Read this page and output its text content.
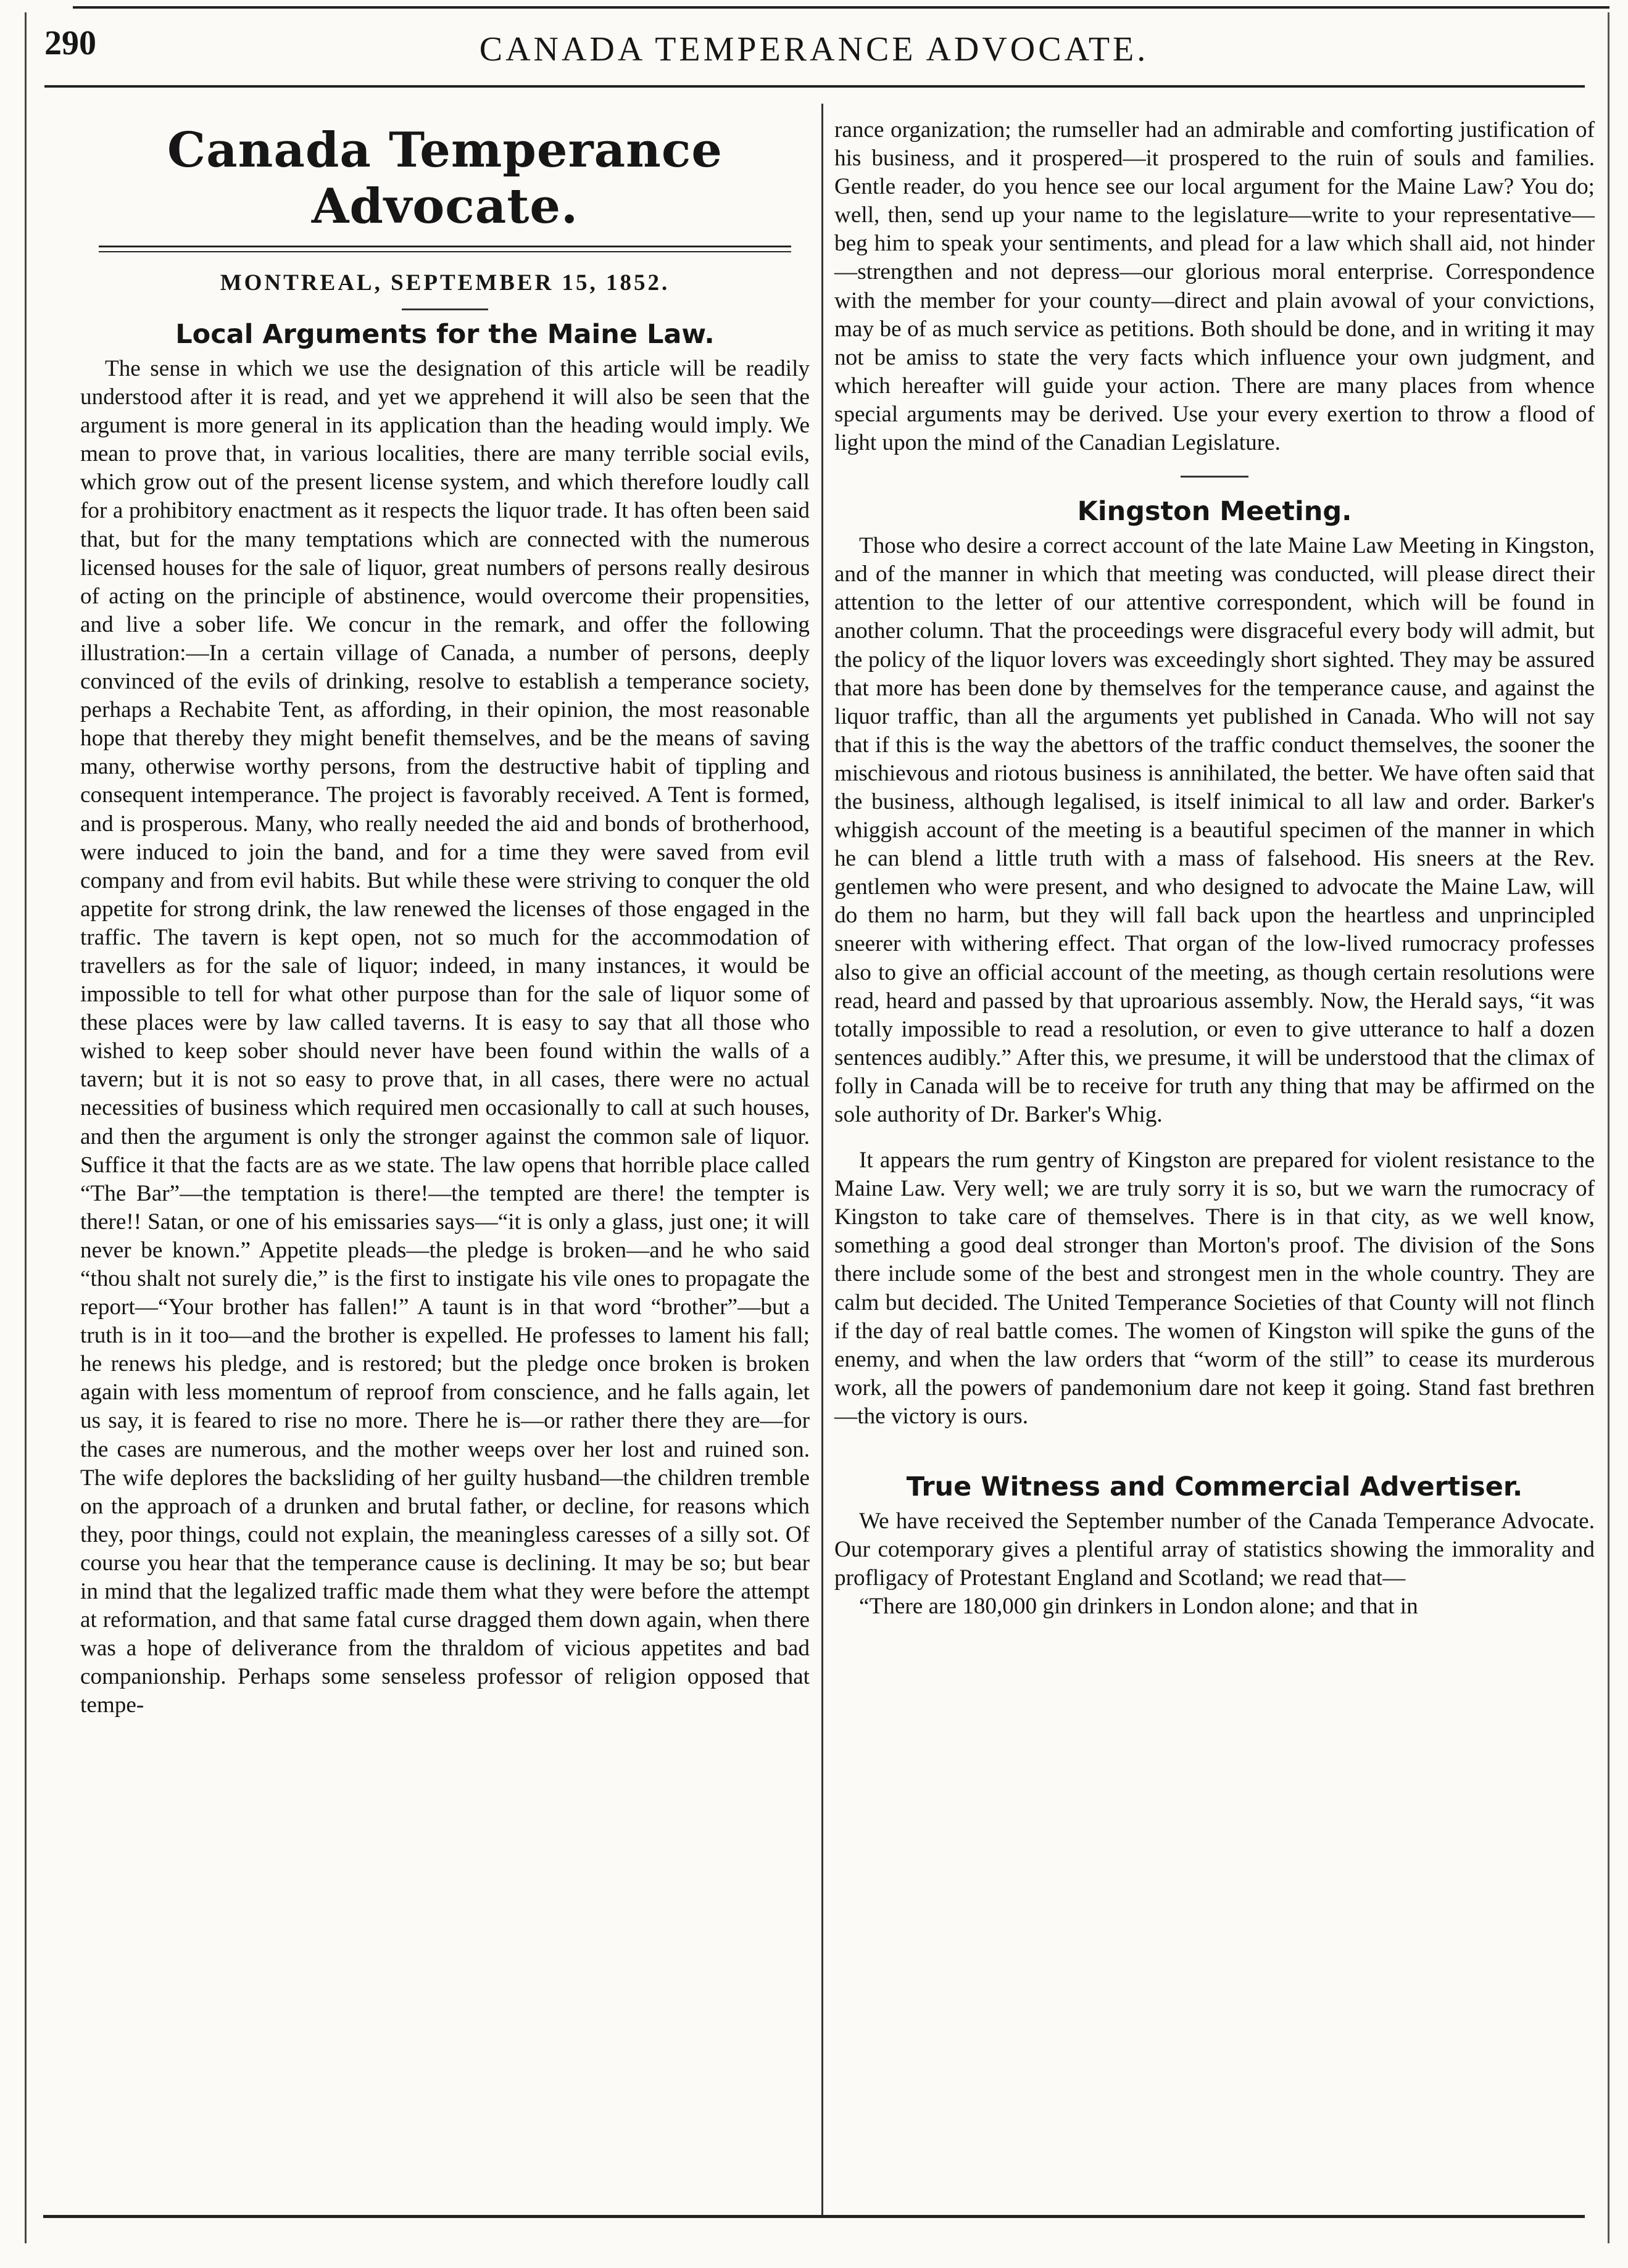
290	CANADA TEMPERANCE ADVOCATE.
Canada Temperance Advocate.
MONTREAL, SEPTEMBER 15, 1852.
Local Arguments for the Maine Law.

The sense in which we use the designation of this article will be readily understood after it is read, and yet we apprehend it will also be seen that the argument is more general in its application than the heading would imply. We mean to prove that, in various localities, there are many terrible social evils, which grow out of the present license system, and which therefore loudly call for a prohibitory enactment as it respects the liquor trade. It has often been said that, but for the many temptations which are connected with the numerous licensed houses for the sale of liquor, great numbers of persons really desirous of acting on the principle of abstinence, would overcome their propensities, and live a sober life. We concur in the remark, and offer the following illustration:—In a certain village of Canada, a number of persons, deeply convinced of the evils of drinking, resolve to establish a temperance society, perhaps a Rechabite Tent, as affording, in their opinion, the most reasonable hope that thereby they might benefit themselves, and be the means of saving many, otherwise worthy persons, from the destructive habit of tippling and consequent intemperance. The project is favorably received. A Tent is formed, and is prosperous. Many, who really needed the aid and bonds of brotherhood, were induced to join the band, and for a time they were saved from evil company and from evil habits. But while these were striving to conquer the old appetite for strong drink, the law renewed the licenses of those engaged in the traffic. The tavern is kept open, not so much for the accommodation of travellers as for the sale of liquor; indeed, in many instances, it would be impossible to tell for what other purpose than for the sale of liquor some of these places were by law called taverns. It is easy to say that all those who wished to keep sober should never have been found within the walls of a tavern; but it is not so easy to prove that, in all cases, there were no actual necessities of business which required men occasionally to call at such houses, and then the argument is only the stronger against the common sale of liquor. Suffice it that the facts are as we state. The law opens that horrible place called “The Bar”—the temptation is there!—the tempted are there! the tempter is there!! Satan, or one of his emissaries says—“it is only a glass, just one; it will never be known.” Appetite pleads—the pledge is broken—and he who said “thou shalt not surely die,” is the first to instigate his vile ones to propagate the report—“Your brother has fallen!” A taunt is in that word “brother”—but a truth is in it too—and the brother is expelled. He professes to lament his fall; he renews his pledge, and is restored; but the pledge once broken is broken again with less momentum of reproof from conscience, and he falls again, let us say, it is feared to rise no more. There he is—or rather there they are—for the cases are numerous, and the mother weeps over her lost and ruined son. The wife deplores the backsliding of her guilty husband—the children tremble on the approach of a drunken and brutal father, or decline, for reasons which they, poor things, could not explain, the meaningless caresses of a silly sot. Of course you hear that the temperance cause is declining. It may be so; but bear in mind that the legalized traffic made them what they were before the attempt at reformation, and that same fatal curse dragged them down again, when there was a hope of deliverance from the thraldom of vicious appetites and bad companionship. Perhaps some senseless professor of religion opposed that tempe-

rance organization; the rumseller had an admirable and comforting justification of his business, and it prospered—it prospered to the ruin of souls and families. Gentle reader, do you hence see our local argument for the Maine Law? You do; well, then, send up your name to the legislature—write to your representative—beg him to speak your sentiments, and plead for a law which shall aid, not hinder—strengthen and not depress—our glorious moral enterprise. Correspondence with the member for your county—direct and plain avowal of your convictions, may be of as much service as petitions. Both should be done, and in writing it may not be amiss to state the very facts which influence your own judgment, and which hereafter will guide your action. There are many places from whence special arguments may be derived. Use your every exertion to throw a flood of light upon the mind of the Canadian Legislature.

Kingston Meeting.

Those who desire a correct account of the late Maine Law Meeting in Kingston, and of the manner in which that meeting was conducted, will please direct their attention to the letter of our attentive correspondent, which will be found in another column. That the proceedings were disgraceful every body will admit, but the policy of the liquor lovers was exceedingly short sighted. They may be assured that more has been done by themselves for the temperance cause, and against the liquor traffic, than all the arguments yet published in Canada. Who will not say that if this is the way the abettors of the traffic conduct themselves, the sooner the mischievous and riotous business is annihilated, the better. We have often said that the business, although legalised, is itself inimical to all law and order. Barker's whiggish account of the meeting is a beautiful specimen of the manner in which he can blend a little truth with a mass of falsehood. His sneers at the Rev. gentlemen who were present, and who designed to advocate the Maine Law, will do them no harm, but they will fall back upon the heartless and unprincipled sneerer with withering effect. That organ of the low-lived rumocracy professes also to give an official account of the meeting, as though certain resolutions were read, heard and passed by that uproarious assembly. Now, the Herald says, “it was totally impossible to read a resolution, or even to give utterance to half a dozen sentences audibly.” After this, we presume, it will be understood that the climax of folly in Canada will be to receive for truth any thing that may be affirmed on the sole authority of Dr. Barker's Whig.

It appears the rum gentry of Kingston are prepared for violent resistance to the Maine Law. Very well; we are truly sorry it is so, but we warn the rumocracy of Kingston to take care of themselves. There is in that city, as we well know, something a good deal stronger than Morton's proof. The division of the Sons there include some of the best and strongest men in the whole country. They are calm but decided. The United Temperance Societies of that County will not flinch if the day of real battle comes. The women of Kingston will spike the guns of the enemy, and when the law orders that “worm of the still” to cease its murderous work, all the powers of pandemonium dare not keep it going. Stand fast brethren—the victory is ours.

True Witness and Commercial Advertiser.

We have received the September number of the Canada Temperance Advocate. Our cotemporary gives a plentiful array of statistics showing the immorality and profligacy of Protestant England and Scotland; we read that—

“There are 180,000 gin drinkers in London alone; and that in
